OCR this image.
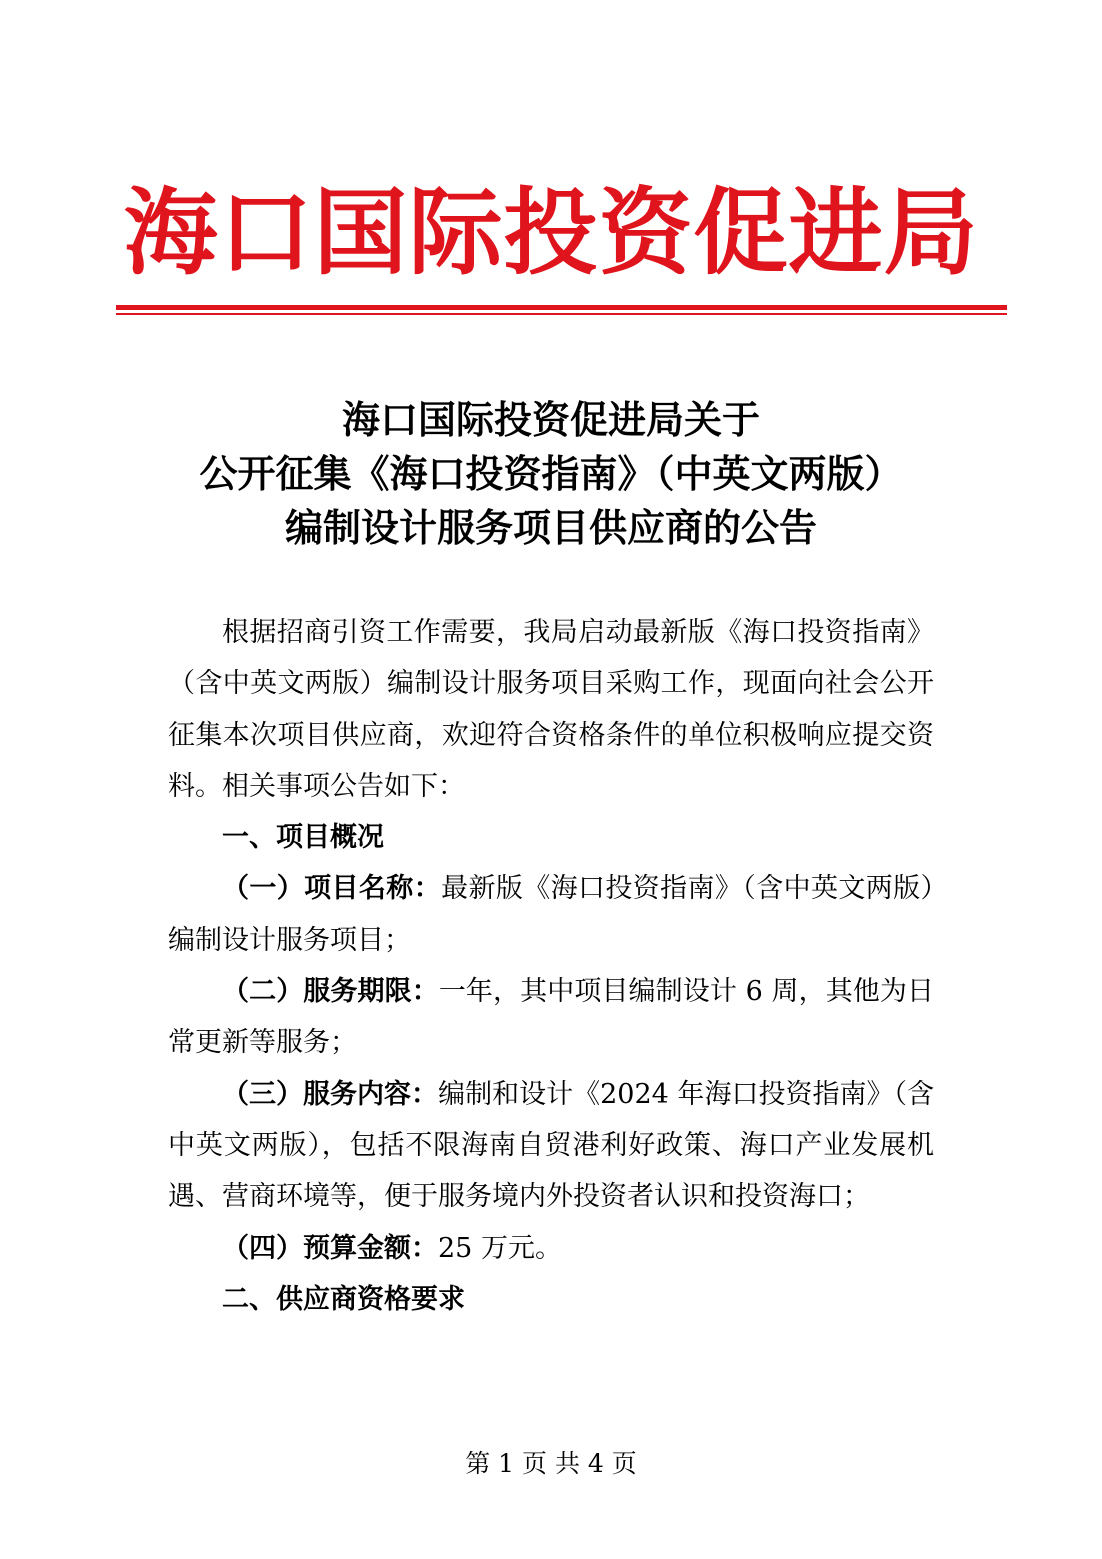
海口国际投资促进局
海口国际投资促进局关于
公开征集《海口投资指南》（中英文两版）
编制设计服务项目供应商的公告

根据招商引资工作需要，我局启动最新版《海口投资指南》（含中英文两版）编制设计服务项目采购工作，现面向社会公开征集本次项目供应商，欢迎符合资格条件的单位积极响应提交资料。相关事项公告如下：

一、项目概况

（一）项目名称：最新版《海口投资指南》（含中英文两版）编制设计服务项目；

（二）服务期限：一年，其中项目编制设计 6 周，其他为日常更新等服务；

（三）服务内容：编制和设计《2024 年海口投资指南》（含中英文两版），包括不限海南自贸港利好政策、海口产业发展机遇、营商环境等，便于服务境内外投资者认识和投资海口；

（四）预算金额：25 万元。

二、供应商资格要求

第 1 页 共 4 页
